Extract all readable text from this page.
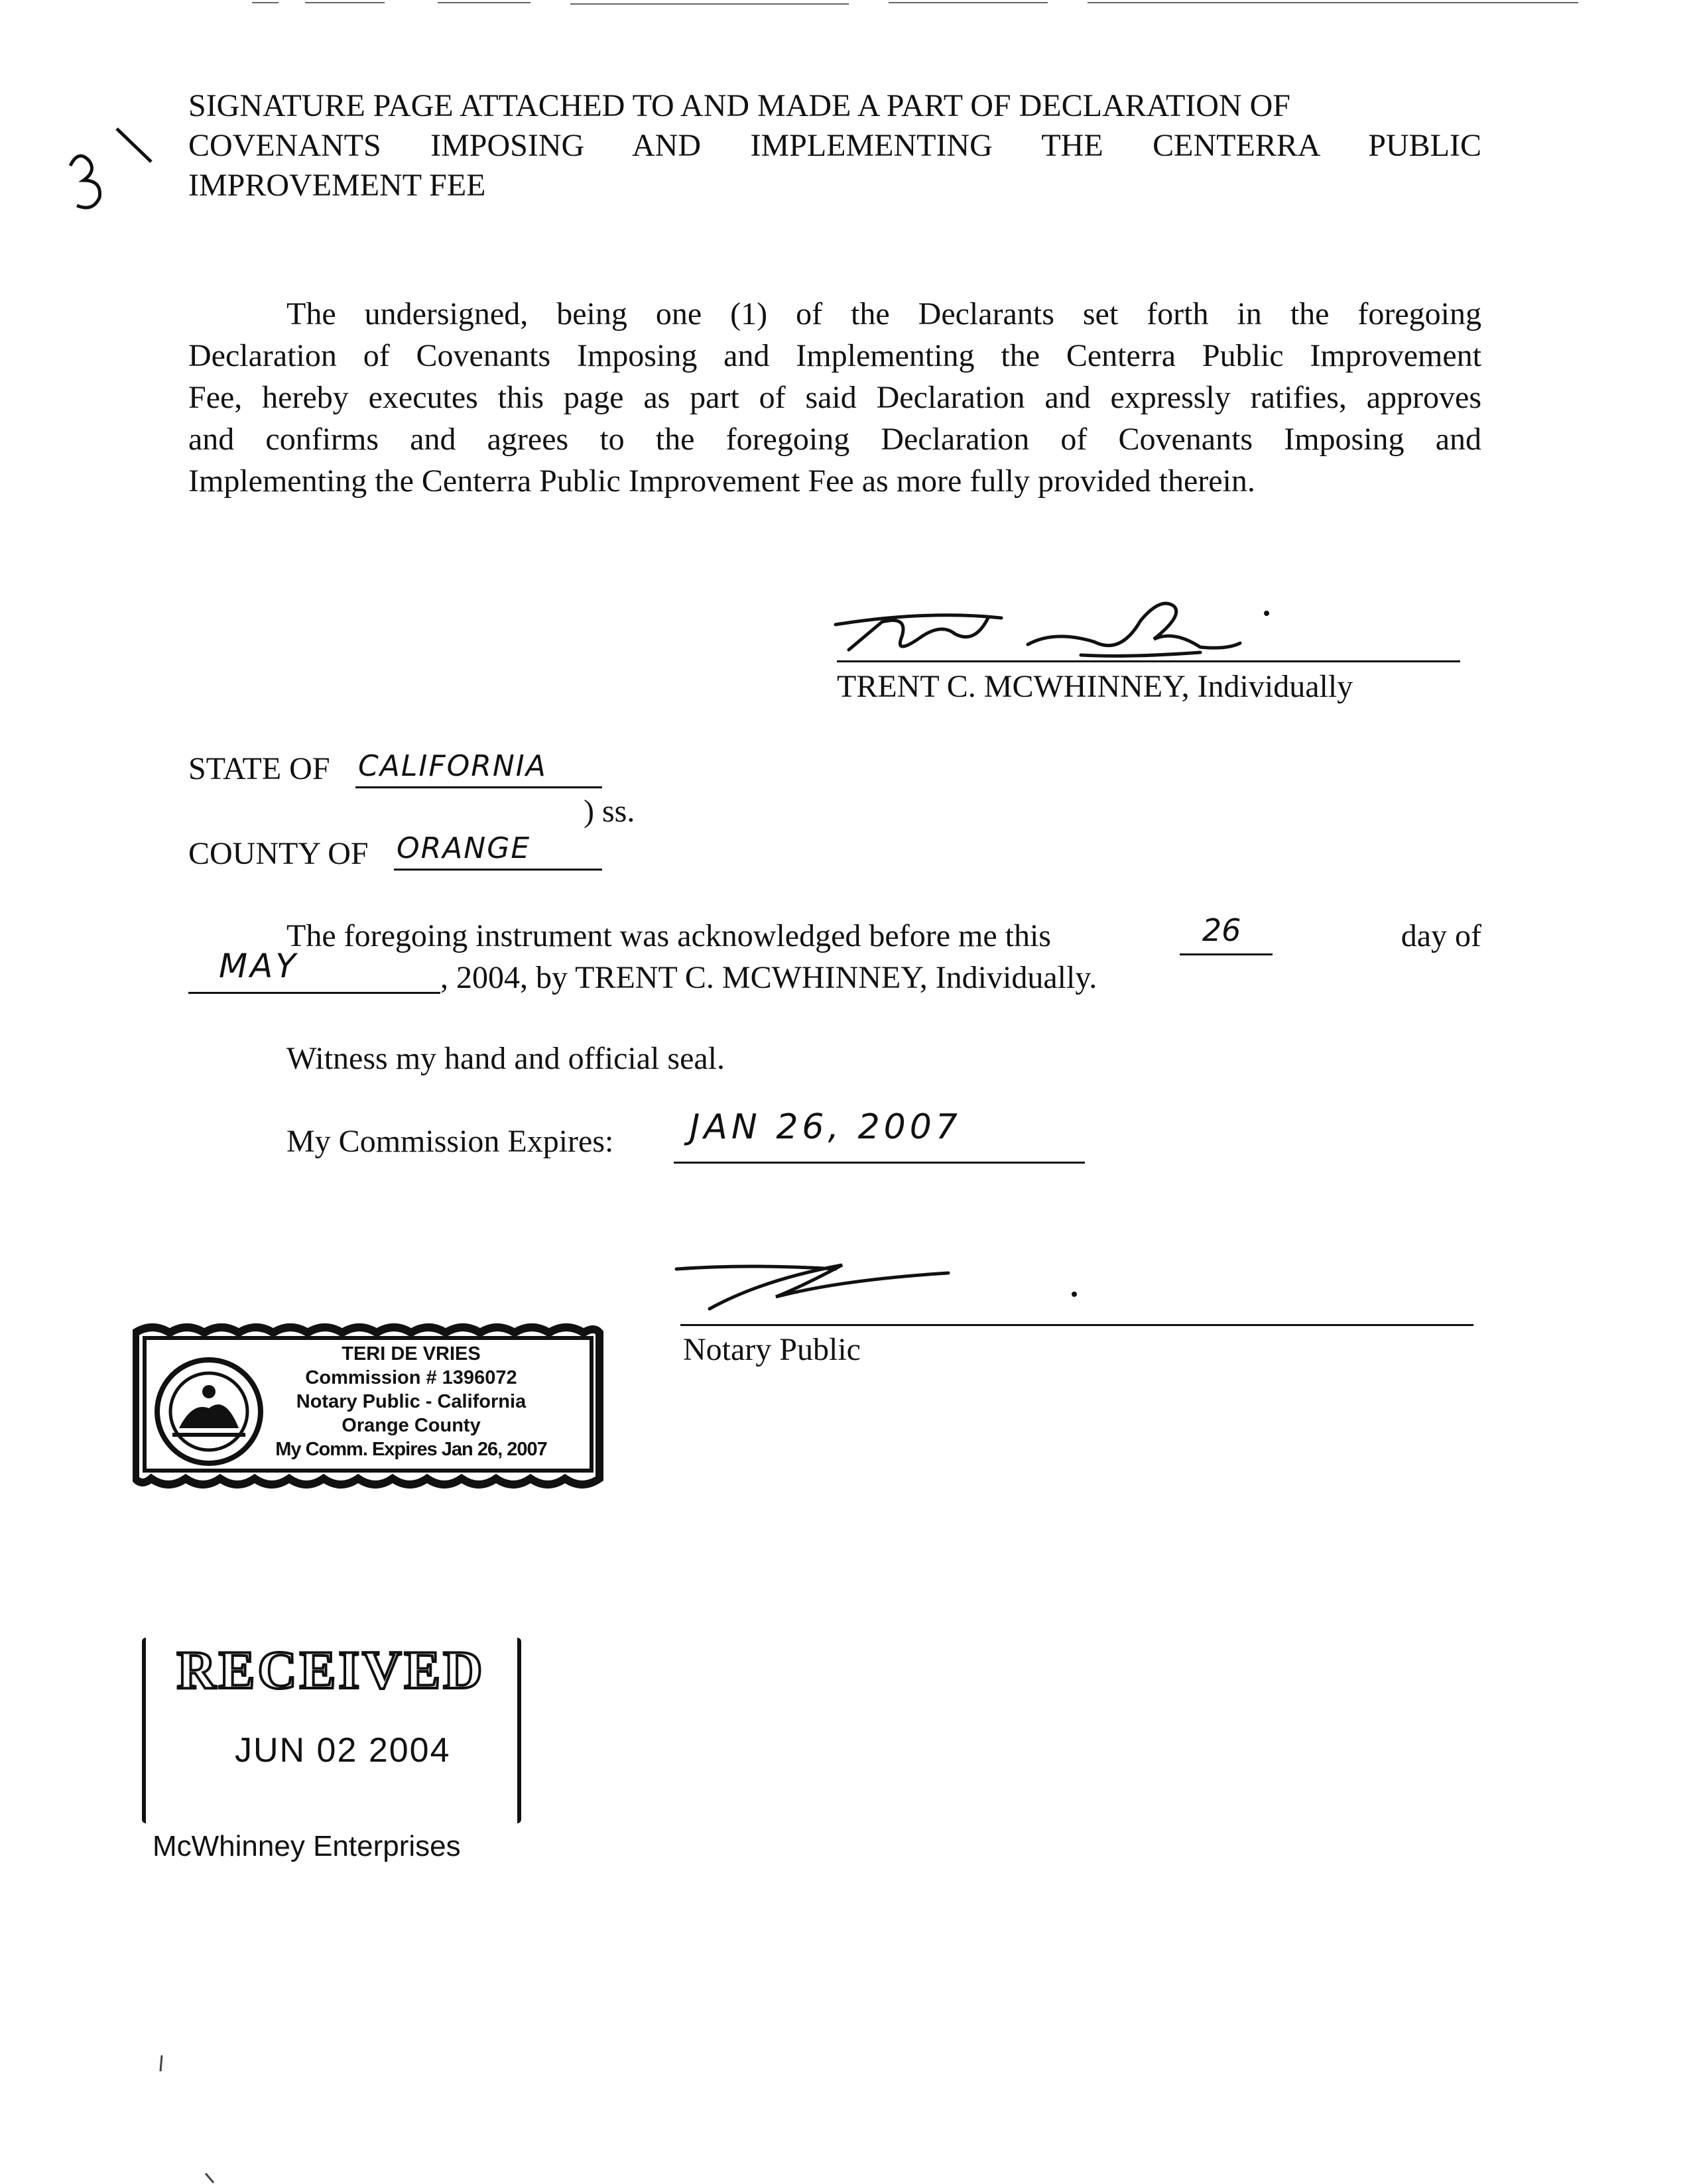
SIGNATURE PAGE ATTACHED TO AND MADE A PART OF DECLARATION OF
COVENANTS IMPOSING AND IMPLEMENTING THE CENTERRA PUBLIC
IMPROVEMENT FEE
The undersigned, being one (1) of the Declarants set forth in the foregoing
Declaration of Covenants Imposing and Implementing the Centerra Public Improvement
Fee, hereby executes this page as part of said Declaration and expressly ratifies, approves
and confirms and agrees to the foregoing Declaration of Covenants Imposing and
Implementing the Centerra Public Improvement Fee as more fully provided therein.
TRENT C. MCWHINNEY, Individually
STATE OF CALIFORNIA
) ss.
COUNTY OF ORANGE
The foregoing instrument was acknowledged before me this	26	day of
MAY	, 2004, by TRENT C. MCWHINNEY, Individually.
Witness my hand and official seal.
My Commission Expires: JAN 26, 2007
Notary Public
TERI DE VRIES
Commission # 1396072
Notary Public - California
Orange County
My Comm. Expires Jan 26, 2007
RECEIVED
JUN 02 2004
McWhinney Enterprises
